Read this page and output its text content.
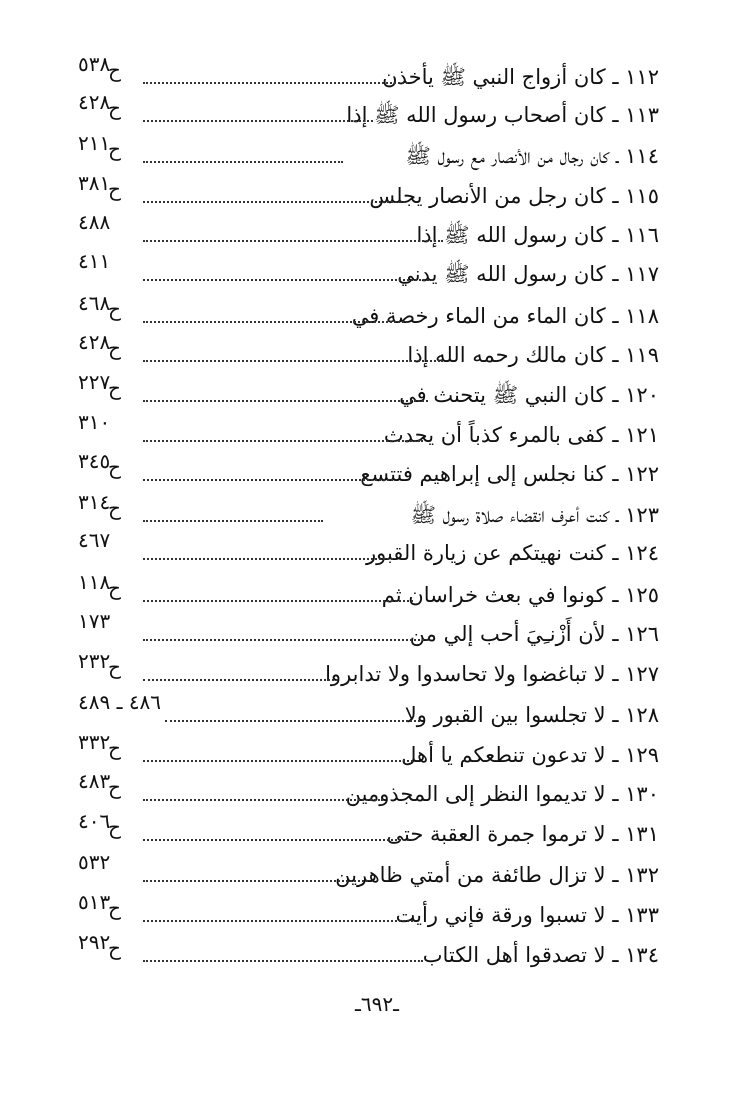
١١٢ ـ كان أزواج النبي ﷺ يأخذن
ح
٥٣٨
١١٣ ـ كان أصحاب رسول الله ﷺ إذا
ح
٤٢٨
١١٤ ـ كان رجال من الأنصار مع رسول ﷺ
ح
٢١١
١١٥ ـ كان رجل من الأنصار يجلس
ح
٣٨١
١١٦ ـ كان رسول الله ﷺ إذا
٤٨٨
١١٧ ـ كان رسول الله ﷺ يدني
٤١١
١١٨ ـ كان الماء من الماء رخصة في
ح
٤٦٨
١١٩ ـ كان مالك رحمه الله إذا
ح
٤٢٨
١٢٠ ـ كان النبي ﷺ يتحنث في
ح
٢٢٧
١٢١ ـ كفى بالمرء كذباً أن يحدث
٣١٠
١٢٢ ـ كنا نجلس إلى إبراهيم فتتسع
ح
٣٤٥
١٢٣ ـ كنت أعرف انقضاء صلاة رسول ﷺ
ح
٣١٤
١٢٤ ـ كنت نهيتكم عن زيارة القبور
٤٦٧
١٢٥ ـ كونوا في بعث خراسان ثم
ح
١١٨
١٢٦ ـ لأن أَزْنـِيَ أحب إلي من
١٧٣
١٢٧ ـ لا تباغضوا ولا تحاسدوا ولا تدابروا
ح
٢٣٢
١٢٨ ـ لا تجلسوا بين القبور ولا
٤٨٦ ـ ٤٨٩
١٢٩ ـ لا تدعون تنطعكم يا أهل
ح
٣٣٢
١٣٠ ـ لا تديموا النظر إلى المجذومين
ح
٤٨٣
١٣١ ـ لا ترموا جمرة العقبة حتى
ح
٤٠٦
١٣٢ ـ لا تزال طائفة من أمتي ظاهرين
٥٣٢
١٣٣ ـ لا تسبوا ورقة فإني رأيت
ح
٥١٣
١٣٤ ـ لا تصدقوا أهل الكتاب
ح
٢٩٢
ـ٦٩٢ـ
